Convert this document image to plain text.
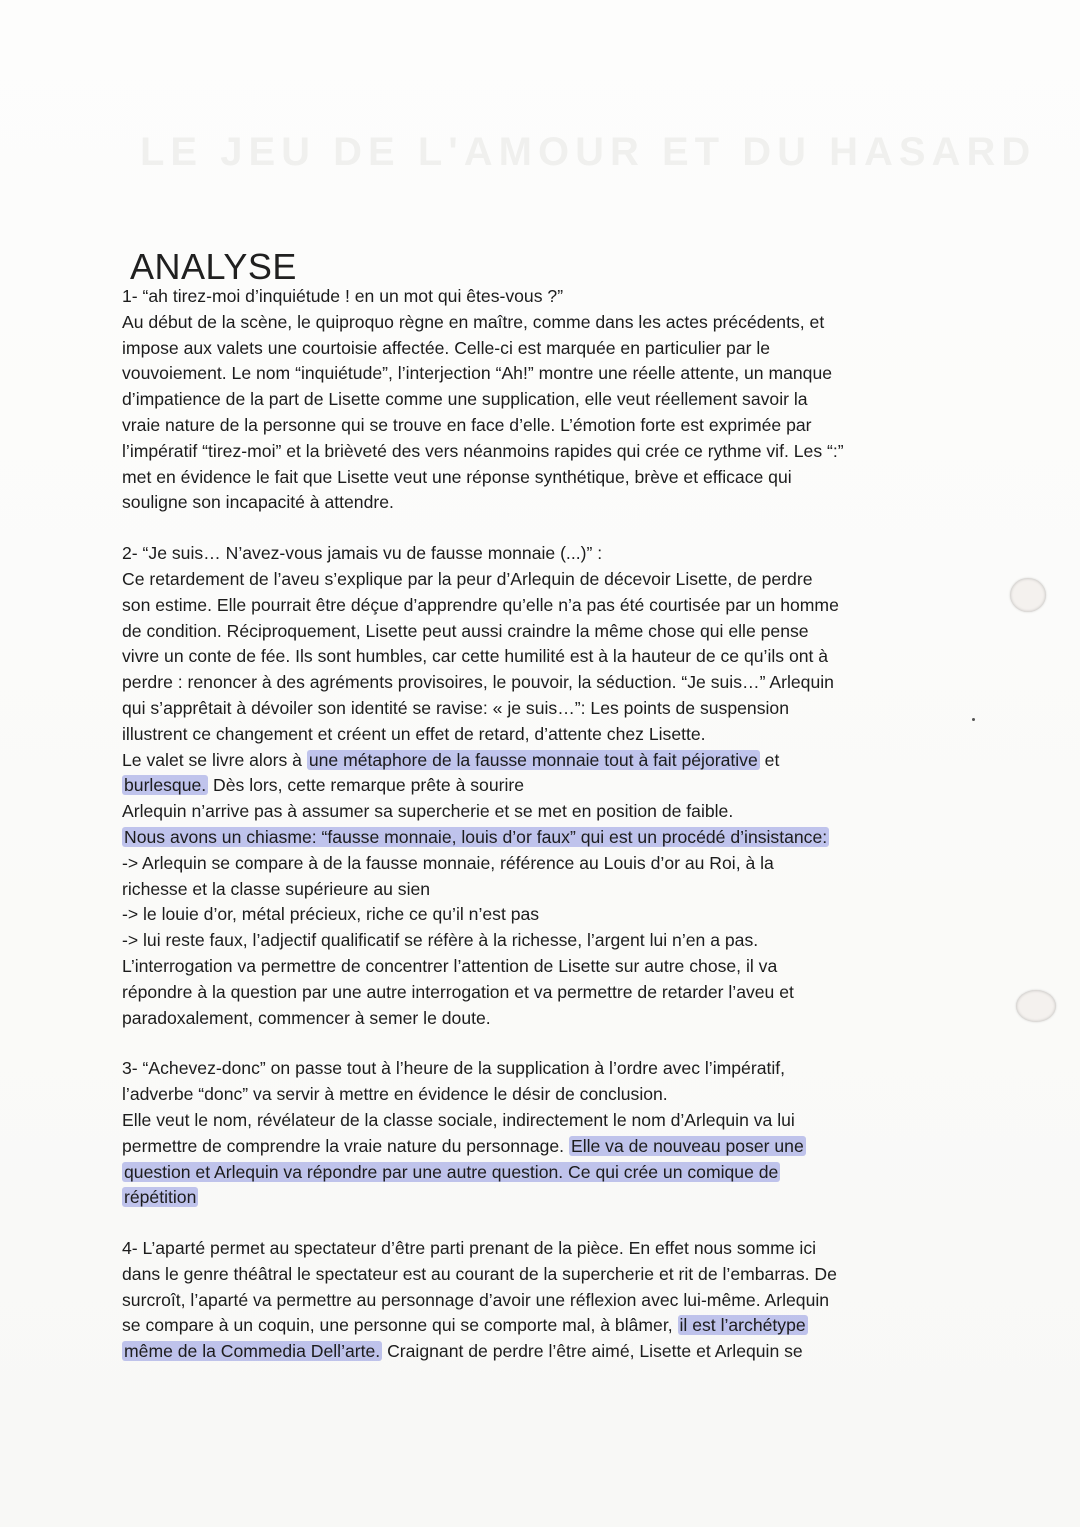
LE JEU DE L'AMOUR ET DU HASARD
ANALYSE
1- “ah tirez-moi d’inquiétude ! en un mot qui êtes-vous ?”
Au début de la scène, le quiproquo règne en maître, comme dans les actes précédents, et
impose aux valets une courtoisie affectée. Celle-ci est marquée en particulier par le
vouvoiement. Le nom “inquiétude”, l’interjection “Ah!” montre une réelle attente, un manque
d’impatience de la part de Lisette comme une supplication, elle veut réellement savoir la
vraie nature de la personne qui se trouve en face d’elle. L’émotion forte est exprimée par
l’impératif “tirez-moi” et la brièveté des vers néanmoins rapides qui crée ce rythme vif. Les “:”
met en évidence le fait que Lisette veut une réponse synthétique, brève et efficace qui
souligne son incapacité à attendre.
2- “Je suis… N’avez-vous jamais vu de fausse monnaie (...)” :
Ce retardement de l’aveu s’explique par la peur d’Arlequin de décevoir Lisette, de perdre
son estime. Elle pourrait être déçue d’apprendre qu’elle n’a pas été courtisée par un homme
de condition. Réciproquement, Lisette peut aussi craindre la même chose qui elle pense
vivre un conte de fée. Ils sont humbles, car cette humilité est à la hauteur de ce qu’ils ont à
perdre : renoncer à des agréments provisoires, le pouvoir, la séduction. “Je suis…” Arlequin
qui s’apprêtait à dévoiler son identité se ravise: « je suis…”: Les points de suspension
illustrent ce changement et créent un effet de retard, d’attente chez Lisette.
Le valet se livre alors à une métaphore de la fausse monnaie tout à fait péjorative et
burlesque. Dès lors, cette remarque prête à sourire
Arlequin n’arrive pas à assumer sa supercherie et se met en position de faible.
Nous avons un chiasme: “fausse monnaie, louis d’or faux” qui est un procédé d’insistance:
-> Arlequin se compare à de la fausse monnaie, référence au Louis d’or au Roi, à la
richesse et la classe supérieure au sien
-> le louie d’or, métal précieux, riche ce qu’il n’est pas
-> lui reste faux, l’adjectif qualificatif se réfère à la richesse, l’argent lui n’en a pas.
L’interrogation va permettre de concentrer l’attention de Lisette sur autre chose, il va
répondre à la question par une autre interrogation et va permettre de retarder l’aveu et
paradoxalement, commencer à semer le doute.
3- “Achevez-donc” on passe tout à l’heure de la supplication à l’ordre avec l’impératif,
l’adverbe “donc” va servir à mettre en évidence le désir de conclusion.
Elle veut le nom, révélateur de la classe sociale, indirectement le nom d’Arlequin va lui
permettre de comprendre la vraie nature du personnage. Elle va de nouveau poser une
question et Arlequin va répondre par une autre question. Ce qui crée un comique de
répétition
4- L’aparté permet au spectateur d’être parti prenant de la pièce. En effet nous somme ici
dans le genre théâtral le spectateur est au courant de la supercherie et rit de l’embarras. De
surcroît, l’aparté va permettre au personnage d’avoir une réflexion avec lui-même. Arlequin
se compare à un coquin, une personne qui se comporte mal, à blâmer, il est l’archétype
même de la Commedia Dell’arte. Craignant de perdre l’être aimé, Lisette et Arlequin se
